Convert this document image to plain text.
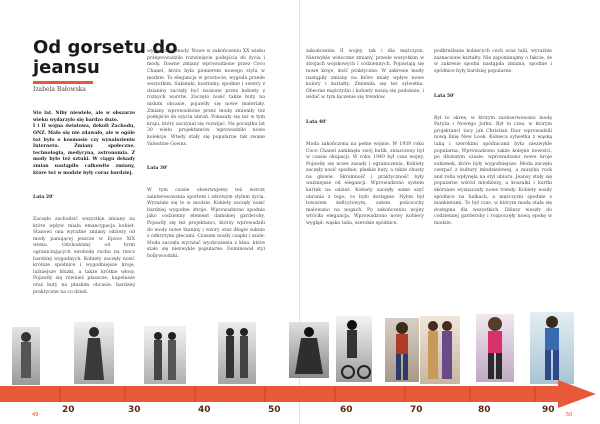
Od gorsetu do
jeansu
Izabela Bałowska

Sto lat. Niby niewiele, ale w obszarze wieku wydarzyło się bardzo dużo.
I i II wojna światowa, dekolt Zachodu, ONZ. Mało się nie zdawało, ale w ogóle też było o kosmosie czy wynalezieniu Internetu. Zmiany społeczne, technologia, medycyna, astronomia. Z mody było też sztuki. W ciągu dekady zmian nastąpiło całkowite zmiany, które też w modzie były coraz bardziej.

Lata 20'

Zaczęło zachodzić wszystkie zmiany na które wpływ miała emancypacja kobiet. Stanowi ona wyraźne zmiany odzieży od mody panującej jeszcze w Epoce XIX wieku. Odchodzimy od form ograniczających swobodę ruchu na rzecz bardziej wygodnych. Kobiety zaczęły nosić krótsze spódnice i wygodniejsze kroje, luźniejsze bluzki, a także krótkie włosy. Pojawiły się również płaszcze, kapelusze oraz buty na płaskim obcasie, bardziej praktyczne na co dzień.

wypędzanie mody. Nowe w zakończeniu XX wieku przeprowadziło rozwinięcie podejścia do życia i mody. Dawne zmiany wprowadzone przez Coco Chanel, która była pionierem nowego stylu w modzie. To elegancja w prostocie, wygoda przede wszystkim. Sukienki, kostiumy, spodnie i swetry z dzianiny zaczęły być noszone przez kobiety z różnych warstw. Zaczęto nosić także buty na niskim obcasie, pojawiły się nowe materiały. Zmiany wprowadzone przez modę zmieniły też podejście do szycia ubrań. Pokazały się też w tym kraju, który zaczynał się rozwijać. Na początku lat 30 wielu projektantów wprowadziło nowe kolekcje. Wtedy stały się popularne tak zwane Valentine Gowns.

Lata 30'

W tym czasie obserwujemy też wzrost zainteresowania sportem i zdrowym stylem życia. Wyrażało się to w modzie. Kobiety zaczęły nosić bardziej wygodne stroje. Wprowadzono spodnie jako codzienny element damskiej garderoby. Pojawiły się też projektanci, którzy wprowadzili do mody nowe tkaniny i wzory oraz długie suknie z odkrytymi plecami. Czasem nosiły czapki i szale. Moda zaczęła wyrażać wyobrażenia z kina, które stało się niezwykle popularne. Dominował styl hollywoodzki.

49

zakończeniu II wojny, tak i dla mężczyzn. Niezwykle widoczne zmiany, przede wszystkim w strojach wojskowych i codziennych. Pojawiają się nowe kroje, dość praktyczne. W zakresie mody nastąpiły zmiany na które miały wpływ nowe kolory i kształty. Zmieniła się też sylwetka. Obecnie mężczyźni i kobiety noszą się podobnie, i widać w tym łączenie się trendów.

Lata 40'

Moda zakończona na pełne wojnie. W 1939 roku Coco Chanel zamknęła swój butik, zniszczony był w czasie okupacji. W roku 1940 był czas wojny. Pojawiły się nowe zasady i ograniczenia. Kobiety zaczęły nosić spodnie, płaskie buty, a także chusty na głowie. Skromność i praktyczność były ważniejsze od elegancji. Wprowadzono system kartek na odzież. Kobiety zaczęły same szyć ubrania z tego, co było dostępne. Nylon był towarem deficytowym, zatem pończochy malowano na nogach. Po zakończeniu wojny wróciła elegancja. Wprowadzono nowy kobiecy wygląd: wąska talia, szerokie spódnice.

podkreślenie kobiecych cech oraz talii, wyraźnie zaznaczone kształty. Nie zapominajmy o fakcie, że w zakresie spodni nastąpiła zmiana, spodnie i spódnice były bardziej popularne.

Lata 50'

Był to okres, w którym zaobserwowano modę Paryża i Nowego Jorku. Był to czas, w którym projektanci tacy jak Christian Dior wprowadzili nową linię New Look. Kobieca sylwetka z wąską talią i szerokimi spódnicami była niezwykle popularna. Wprowadzono także kolejne nowości, po dłuższym czasie, wprowadzono nowe kroje sukienek, które były wygodniejsze. Moda zaczęła czerpać z kultury młodzieżowej, a muzyka rock and rolla wpłynęła na styl ubioru. Jeansy stały się popularne wśród młodzieży, a koszulki i kurtki skórzane wyznaczały nowe trendy. Kobiety nosiły spódnice na halkach, a mężczyźni spodnie z mankietami. To był czas, w którym moda stała się dostępna dla wszystkich. Dżinsy weszły do codziennej garderoby i rozpoczęły nową epokę w modzie.

50
20	30	40	50	60	70	80	90
